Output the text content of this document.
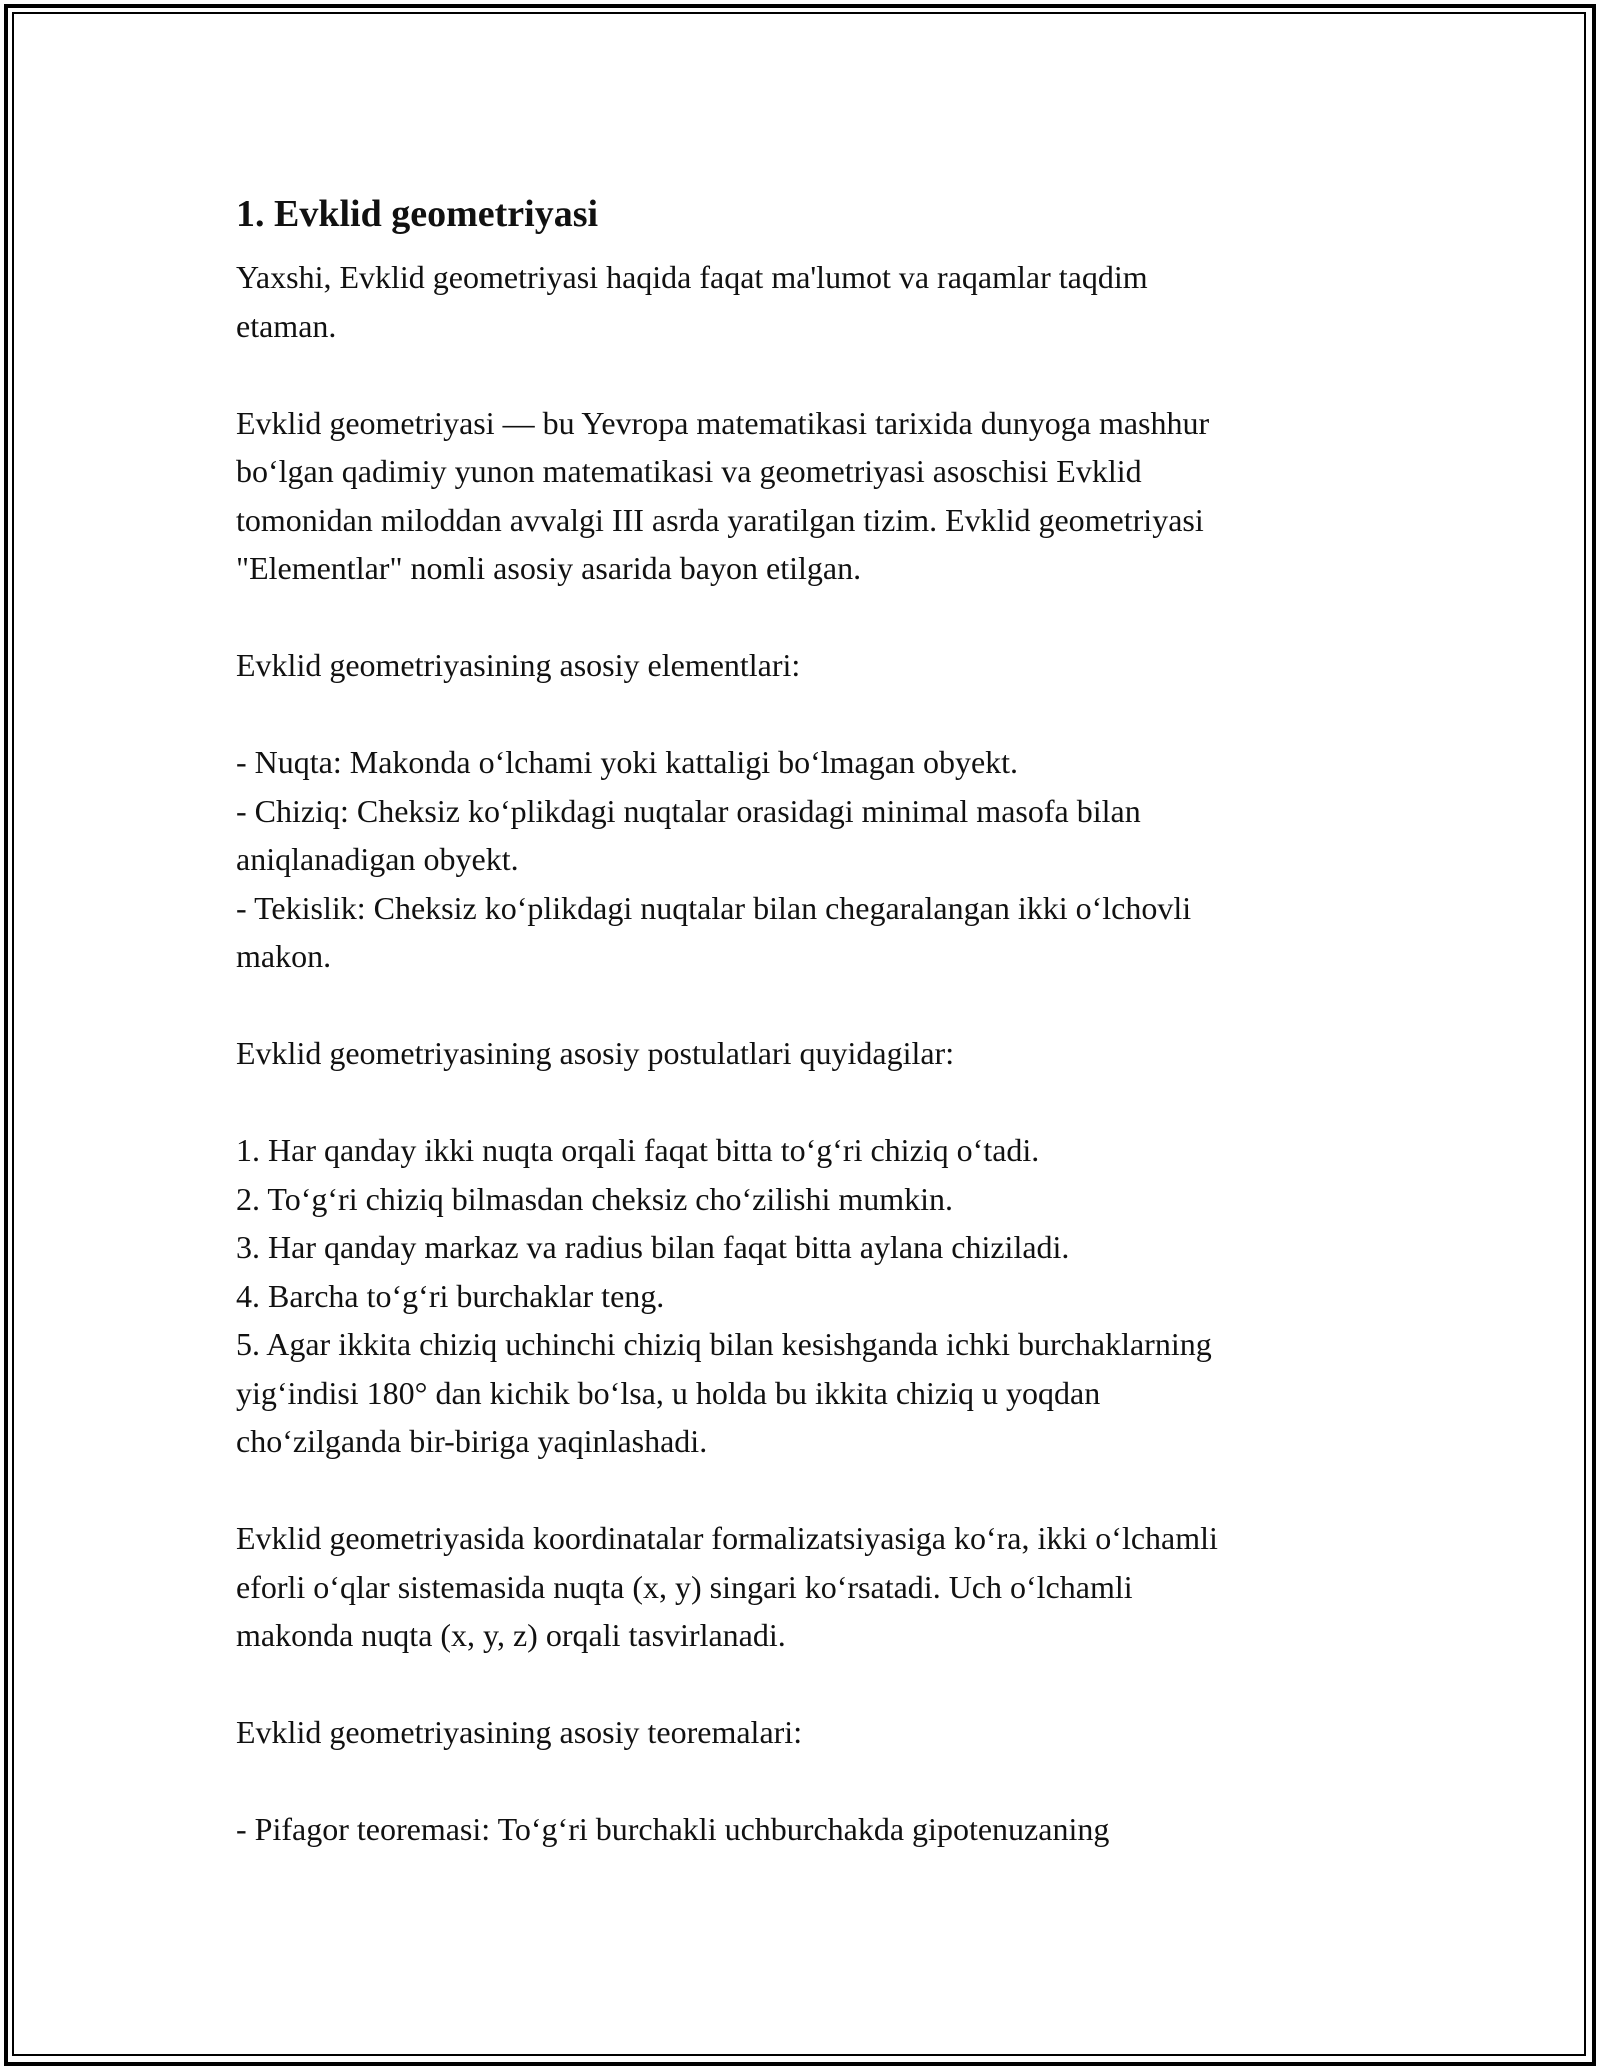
1. Evklid geometriyasi

Yaxshi, Evklid geometriyasi haqida faqat ma'lumot va raqamlar taqdim
etaman.

Evklid geometriyasi — bu Yevropa matematikasi tarixida dunyoga mashhur
bo‘lgan qadimiy yunon matematikasi va geometriyasi asoschisi Evklid
tomonidan miloddan avvalgi III asrda yaratilgan tizim. Evklid geometriyasi
"Elementlar" nomli asosiy asarida bayon etilgan.

Evklid geometriyasining asosiy elementlari:

- Nuqta: Makonda o‘lchami yoki kattaligi bo‘lmagan obyekt.
- Chiziq: Cheksiz ko‘plikdagi nuqtalar orasidagi minimal masofa bilan
aniqlanadigan obyekt.
- Tekislik: Cheksiz ko‘plikdagi nuqtalar bilan chegaralangan ikki o‘lchovli
makon.

Evklid geometriyasining asosiy postulatlari quyidagilar:

1. Har qanday ikki nuqta orqali faqat bitta to‘g‘ri chiziq o‘tadi.
2. To‘g‘ri chiziq bilmasdan cheksiz cho‘zilishi mumkin.
3. Har qanday markaz va radius bilan faqat bitta aylana chiziladi.
4. Barcha to‘g‘ri burchaklar teng.
5. Agar ikkita chiziq uchinchi chiziq bilan kesishganda ichki burchaklarning
yig‘indisi 180° dan kichik bo‘lsa, u holda bu ikkita chiziq u yoqdan
cho‘zilganda bir-biriga yaqinlashadi.

Evklid geometriyasida koordinatalar formalizatsiyasiga ko‘ra, ikki o‘lchamli
eforli o‘qlar sistemasida nuqta (x, y) singari ko‘rsatadi. Uch o‘lchamli
makonda nuqta (x, y, z) orqali tasvirlanadi.

Evklid geometriyasining asosiy teoremalari:

- Pifagor teoremasi: To‘g‘ri burchakli uchburchakda gipotenuzaning
